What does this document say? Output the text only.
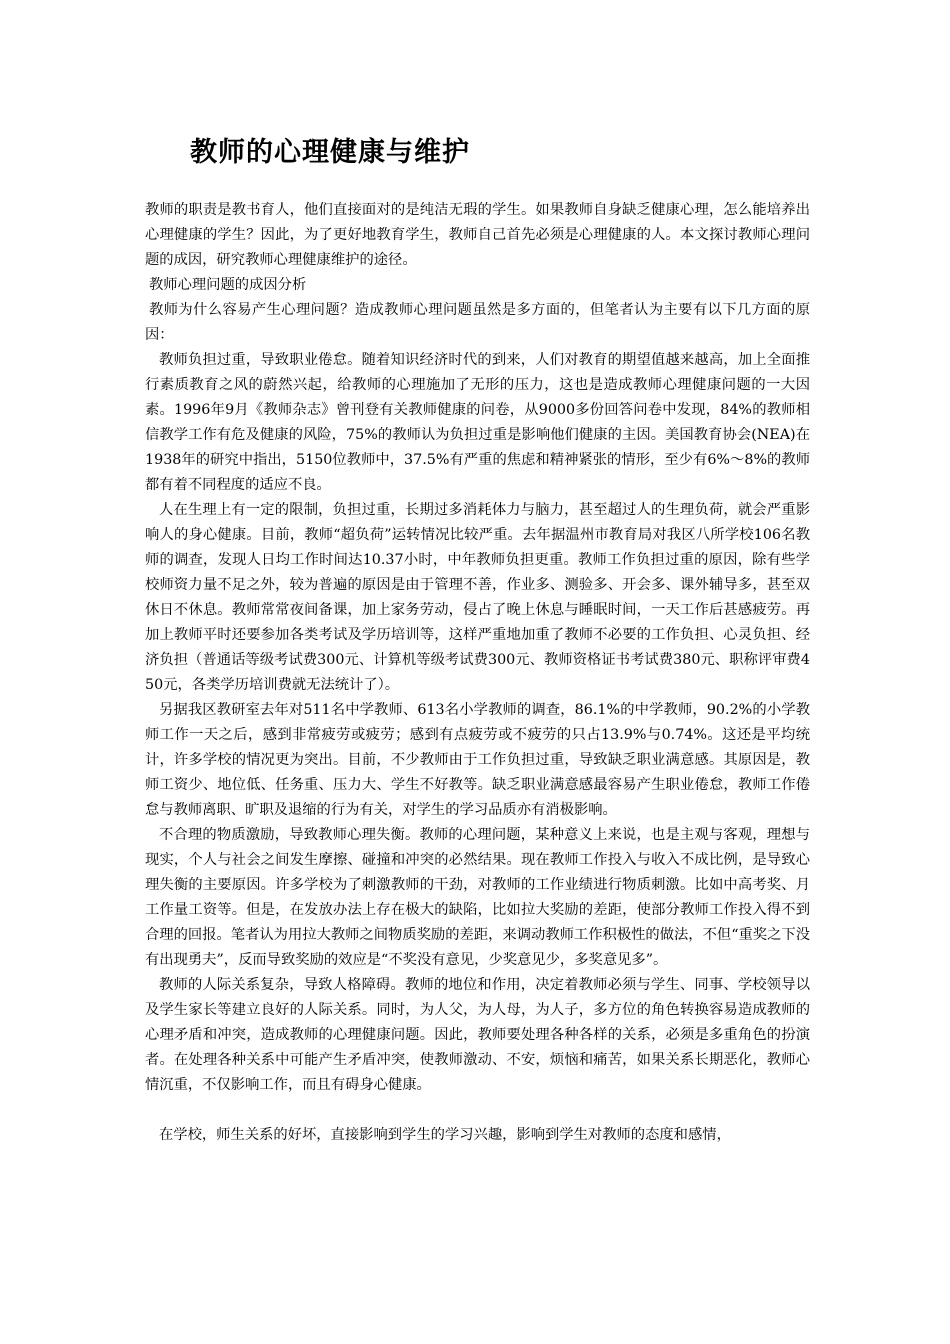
教师的心理健康与维护

教师的职责是教书育人，他们直接面对的是纯洁无瑕的学生。如果教师自身缺乏健康心理，怎么能培养出心理健康的学生？因此，为了更好地教育学生，教师自己首先必须是心理健康的人。本文探讨教师心理问题的成因，研究教师心理健康维护的途径。

教师心理问题的成因分析

教师为什么容易产生心理问题？造成教师心理问题虽然是多方面的，但笔者认为主要有以下几方面的原因：

教师负担过重，导致职业倦怠。随着知识经济时代的到来，人们对教育的期望值越来越高，加上全面推行素质教育之风的蔚然兴起，给教师的心理施加了无形的压力，这也是造成教师心理健康问题的一大因素。1996年9月《教师杂志》曾刊登有关教师健康的问卷，从9000多份回答问卷中发现，84%的教师相信教学工作有危及健康的风险，75%的教师认为负担过重是影响他们健康的主因。美国教育协会(NEA)在1938年的研究中指出，5150位教师中，37.5%有严重的焦虑和精神紧张的情形，至少有6%～8%的教师都有着不同程度的适应不良。

人在生理上有一定的限制，负担过重，长期过多消耗体力与脑力，甚至超过人的生理负荷，就会严重影响人的身心健康。目前，教师“超负荷”运转情况比较严重。去年据温州市教育局对我区八所学校106名教师的调查，发现人日均工作时间达10.37小时，中年教师负担更重。教师工作负担过重的原因，除有些学校师资力量不足之外，较为普遍的原因是由于管理不善，作业多、测验多、开会多、课外辅导多，甚至双休日不休息。教师常常夜间备课，加上家务劳动，侵占了晚上休息与睡眠时间，一天工作后甚感疲劳。再加上教师平时还要参加各类考试及学历培训等，这样严重地加重了教师不必要的工作负担、心灵负担、经济负担（普通话等级考试费300元、计算机等级考试费300元、教师资格证书考试费380元、职称评审费450元，各类学历培训费就无法统计了）。

另据我区教研室去年对511名中学教师、613名小学教师的调查，86.1%的中学教师，90.2%的小学教师工作一天之后，感到非常疲劳或疲劳；感到有点疲劳或不疲劳的只占13.9%与0.74%。这还是平均统计，许多学校的情况更为突出。目前，不少教师由于工作负担过重，导致缺乏职业满意感。其原因是，教师工资少、地位低、任务重、压力大、学生不好教等。缺乏职业满意感最容易产生职业倦怠，教师工作倦怠与教师离职、旷职及退缩的行为有关，对学生的学习品质亦有消极影响。

不合理的物质激励，导致教师心理失衡。教师的心理问题，某种意义上来说，也是主观与客观，理想与现实，个人与社会之间发生摩擦、碰撞和冲突的必然结果。现在教师工作投入与收入不成比例，是导致心理失衡的主要原因。许多学校为了刺激教师的干劲，对教师的工作业绩进行物质刺激。比如中高考奖、月工作量工资等。但是，在发放办法上存在极大的缺陷，比如拉大奖励的差距，使部分教师工作投入得不到合理的回报。笔者认为用拉大教师之间物质奖励的差距，来调动教师工作积极性的做法，不但“重奖之下没有出现勇夫”，反而导致奖励的效应是“不奖没有意见，少奖意见少，多奖意见多”。

教师的人际关系复杂，导致人格障碍。教师的地位和作用，决定着教师必须与学生、同事、学校领导以及学生家长等建立良好的人际关系。同时，为人父，为人母，为人子，多方位的角色转换容易造成教师的心理矛盾和冲突，造成教师的心理健康问题。因此，教师要处理各种各样的关系，必须是多重角色的扮演者。在处理各种关系中可能产生矛盾冲突，使教师激动、不安，烦恼和痛苦，如果关系长期恶化，教师心情沉重，不仅影响工作，而且有碍身心健康。

在学校，师生关系的好坏，直接影响到学生的学习兴趣，影响到学生对教师的态度和感情，
